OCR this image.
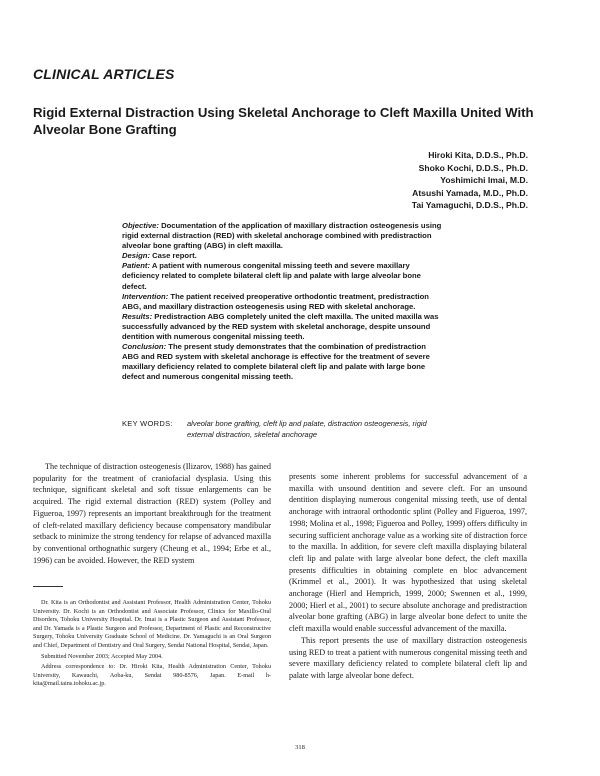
CLINICAL ARTICLES
Rigid External Distraction Using Skeletal Anchorage to Cleft Maxilla United With Alveolar Bone Grafting
Hiroki Kita, D.D.S., Ph.D.
Shoko Kochi, D.D.S., Ph.D.
Yoshimichi Imai, M.D.
Atsushi Yamada, M.D., Ph.D.
Tai Yamaguchi, D.D.S., Ph.D.

Objective: Documentation of the application of maxillary distraction osteogenesis using rigid external distraction (RED) with skeletal anchorage combined with predistraction alveolar bone grafting (ABG) in cleft maxilla.

Design: Case report.

Patient: A patient with numerous congenital missing teeth and severe maxillary deficiency related to complete bilateral cleft lip and palate with large alveolar bone defect.

Intervention: The patient received preoperative orthodontic treatment, predistraction ABG, and maxillary distraction osteogenesis using RED with skeletal anchorage.

Results: Predistraction ABG completely united the cleft maxilla. The united maxilla was successfully advanced by the RED system with skeletal anchorage, despite unsound dentition with numerous congenital missing teeth.

Conclusion: The present study demonstrates that the combination of predistraction ABG and RED system with skeletal anchorage is effective for the treatment of severe maxillary deficiency related to complete bilateral cleft lip and palate with large bone defect and numerous congenital missing teeth.

KEY WORDS:	alveolar bone grafting, cleft lip and palate, distraction osteogenesis, rigid external distraction, skeletal anchorage

The technique of distraction osteogenesis (Ilizarov, 1988) has gained popularity for the treatment of craniofacial dysplasia. Using this technique, significant skeletal and soft tissue enlargements can be acquired. The rigid external distraction (RED) system (Polley and Figueroa, 1997) represents an important breakthrough for the treatment of cleft-related maxillary deficiency because compensatory mandibular setback to minimize the strong tendency for relapse of advanced maxilla by conventional orthognathic surgery (Cheung et al., 1994; Erbe et al., 1996) can be avoided. However, the RED system

Dr. Kita is an Orthodontist and Assistant Professor, Health Administration Center, Tohoku University. Dr. Kochi is an Orthodontist and Associate Professor, Clinics for Maxillo-Oral Disorders, Tohoku University Hospital. Dr. Imai is a Plastic Surgeon and Assistant Professor, and Dr. Yamada is a Plastic Surgeon and Professor, Department of Plastic and Reconstructive Surgery, Tohoku University Graduate School of Medicine. Dr. Yamaguchi is an Oral Surgeon and Chief, Department of Dentistry and Oral Surgery, Sendai National Hospital, Sendai, Japan.

Submitted November 2003; Accepted May 2004.

Address correspondence to: Dr. Hiroki Kita, Health Administration Center, Tohoku University, Kawauchi, Aoba-ku, Sendai 980-8576, Japan. E-mail h-kita@mail.tains.tohoku.ac.jp.

presents some inherent problems for successful advancement of a maxilla with unsound dentition and severe cleft. For an unsound dentition displaying numerous congenital missing teeth, use of dental anchorage with intraoral orthodontic splint (Polley and Figueroa, 1997, 1998; Molina et al., 1998; Figueroa and Polley, 1999) offers difficulty in securing sufficient anchorage value as a working site of distraction force to the maxilla. In addition, for severe cleft maxilla displaying bilateral cleft lip and palate with large alveolar bone defect, the cleft maxilla presents difficulties in obtaining complete en bloc advancement (Krimmel et al., 2001). It was hypothesized that using skeletal anchorage (Hierl and Hemprich, 1999, 2000; Swennen et al., 1999, 2000; Hierl et al., 2001) to secure absolute anchorage and predistraction alveolar bone grafting (ABG) in large alveolar bone defect to unite the cleft maxilla would enable successful advancement of the maxilla.

This report presents the use of maxillary distraction osteogenesis using RED to treat a patient with numerous congenital missing teeth and severe maxillary deficiency related to complete bilateral cleft lip and palate with large alveolar bone defect.

318
